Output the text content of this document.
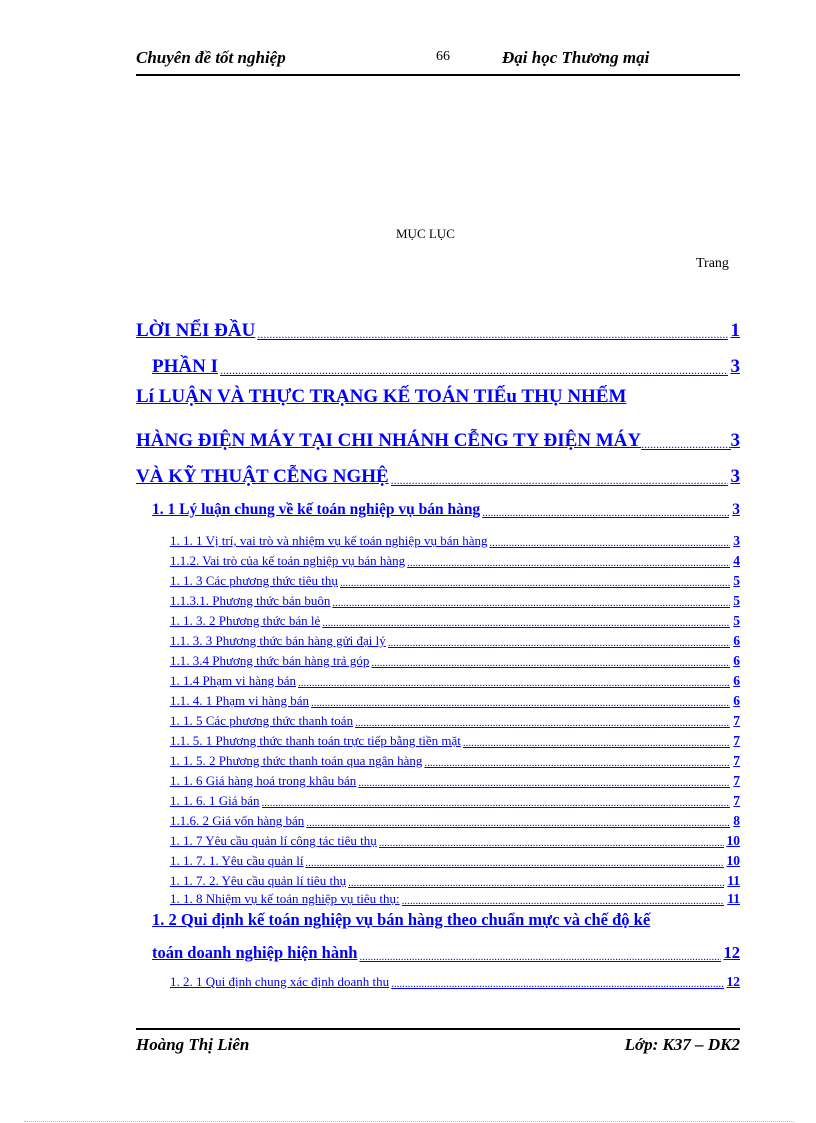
Chuyên đề tốt nghiệp	66	Đại học Thương mại
MỤC LỤC
Trang
LỜI NỂI ĐẦU .....	1
PHẦN I .....	3
Lí LUẬN VÀ THỰC TRẠNG KẾ TOÁN TIẾu THỤ NHẾM
HÀNG ĐIỆN MÁY TẠI CHI NHÁNH CỄNG TY ĐIỆN MÁY .....	3
VÀ KỸ THUẬT CỄNG NGHỆ .....	3
1. 1 Lý luận chung về kế toán nghiệp vụ bán hàng .....	3
1. 1. 1 Vị trí, vai trò và nhiệm vụ kế toán nghiệp vụ bán hàng .....	3
1.1.2. Vai trò của kế toán nghiệp vụ bán hàng .....	4
1. 1. 3 Các phương thức tiêu thụ .....	5
1.1.3.1. Phương thức bán buôn .....	5
1. 1. 3. 2 Phương thức bán lẻ .....	5
1.1. 3. 3 Phương thức bán hàng gửi đại lý .....	6
1.1. 3.4 Phương thức bán hàng trả góp .....	6
1. 1.4 Phạm vi hàng bán .....	6
1.1. 4. 1 Phạm vi hàng bán .....	6
1. 1. 5 Các phương thức thanh toán .....	7
1.1. 5. 1 Phương thức thanh toán trực tiếp bằng tiền mặt .....	7
1. 1. 5. 2 Phương thức thanh toán qua ngân hàng .....	7
1. 1. 6 Giá hàng hoá trong khâu bán .....	7
1. 1. 6. 1 Giá bán .....	7
1.1.6. 2 Giá vốn hàng bán .....	8
1. 1. 7 Yêu cầu quản lí công tác tiêu thụ .....	10
1. 1. 7. 1. Yêu cầu quản lí .....	10
1. 1. 7. 2. Yêu cầu quản lí tiêu thụ .....	11
1. 1. 8 Nhiệm vụ kế toán nghiệp vụ tiêu thụ: .....	11
1. 2 Qui định kế toán nghiệp vụ bán hàng theo chuẩn mực và chế độ kế
toán doanh nghiệp hiện hành .....	12
1. 2. 1 Qui định chung xác định doanh thu .....	12
Hoàng Thị Liên	Lớp: K37 – DK2
